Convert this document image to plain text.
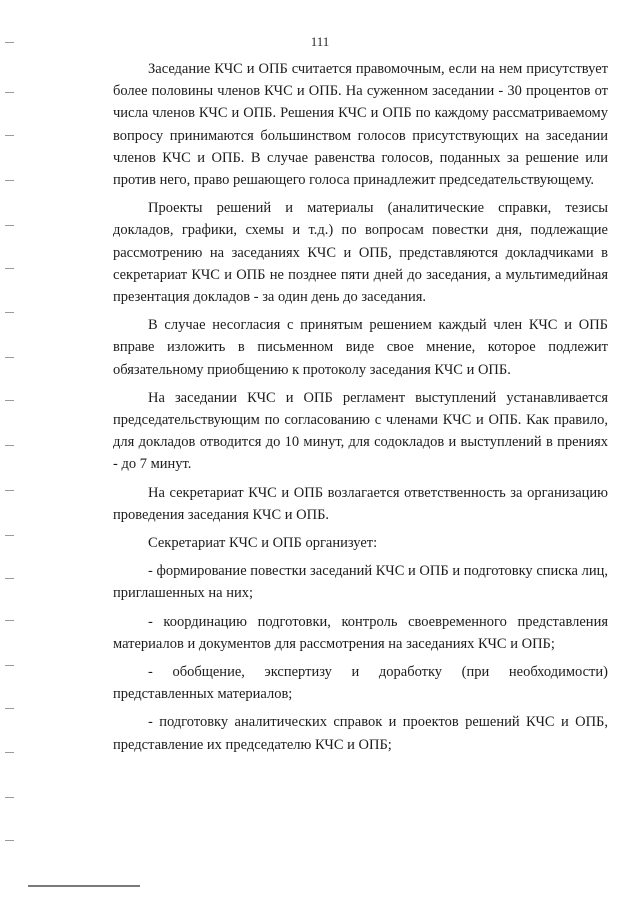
111

Заседание КЧС и ОПБ считается правомочным, если на нем присутствует более половины членов КЧС и ОПБ. На суженном заседании - 30 процентов от числа членов КЧС и ОПБ. Решения КЧС и ОПБ по каждому рассматриваемому вопросу принимаются большинством голосов присутствующих на заседании членов КЧС и ОПБ. В случае равенства голосов, поданных за решение или против него, право решающего голоса принадлежит председательствующему.

Проекты решений и материалы (аналитические справки, тезисы докладов, графики, схемы и т.д.) по вопросам повестки дня, подлежащие рассмотрению на заседаниях КЧС и ОПБ, представляются докладчиками в секретариат КЧС и ОПБ не позднее пяти дней до заседания, а мультимедийная презентация докладов - за один день до заседания.

В случае несогласия с принятым решением каждый член КЧС и ОПБ вправе изложить в письменном виде свое мнение, которое подлежит обязательному приобщению к протоколу заседания КЧС и ОПБ.

На заседании КЧС и ОПБ регламент выступлений устанавливается председательствующим по согласованию с членами КЧС и ОПБ. Как правило, для докладов отводится до 10 минут, для содокладов и выступлений в прениях - до 7 минут.

На секретариат КЧС и ОПБ возлагается ответственность за организацию проведения заседания КЧС и ОПБ.

Секретариат КЧС и ОПБ организует:

- формирование повестки заседаний КЧС и ОПБ и подготовку списка лиц, приглашенных на них;

- координацию подготовки, контроль своевременного представления материалов и документов для рассмотрения на заседаниях КЧС и ОПБ;

- обобщение, экспертизу и доработку (при необходимости) представленных материалов;

- подготовку аналитических справок и проектов решений КЧС и ОПБ, представление их председателю КЧС и ОПБ;
